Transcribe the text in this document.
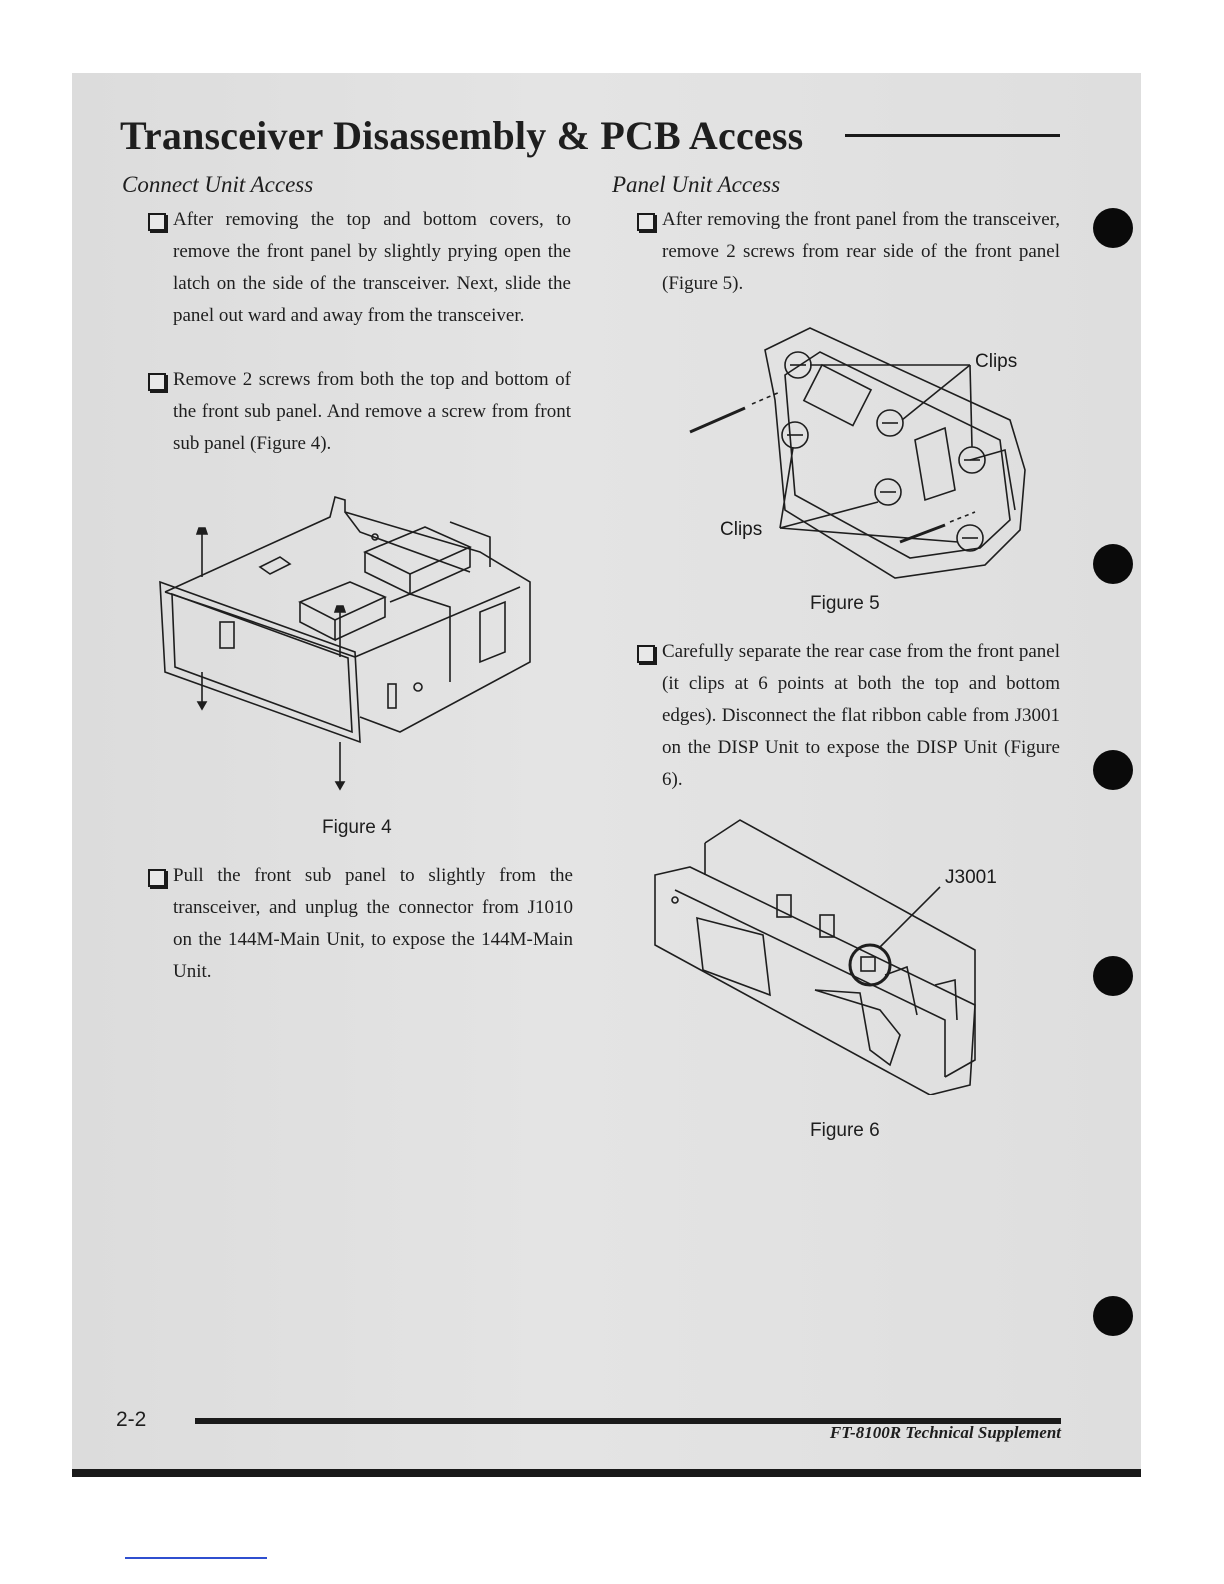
Transceiver Disassembly & PCB Access
Connect Unit Access

After removing the top and bottom covers, to remove the front panel by slightly prying open the latch on the side of the transceiver. Next, slide the panel out ward and away from the transceiver.

Remove 2 screws from both the top and bottom of the front sub panel. And remove a screw from front sub panel (Figure 4).

Figure 4

Pull the front sub panel to slightly from the transceiver, and unplug the connector from J1010 on the 144M-Main Unit, to expose the 144M-Main Unit.

Panel Unit Access

After removing the front panel from the transceiver, remove 2 screws from rear side of the front panel (Figure 5).

Clips
Clips
Figure 5

Carefully separate the rear case from the front panel (it clips at 6 points at both the top and bottom edges). Disconnect the flat ribbon cable from J3001 on the DISP Unit to expose the DISP Unit (Figure 6).

J3001
Figure 6
2-2
FT-8100R Technical Supplement
